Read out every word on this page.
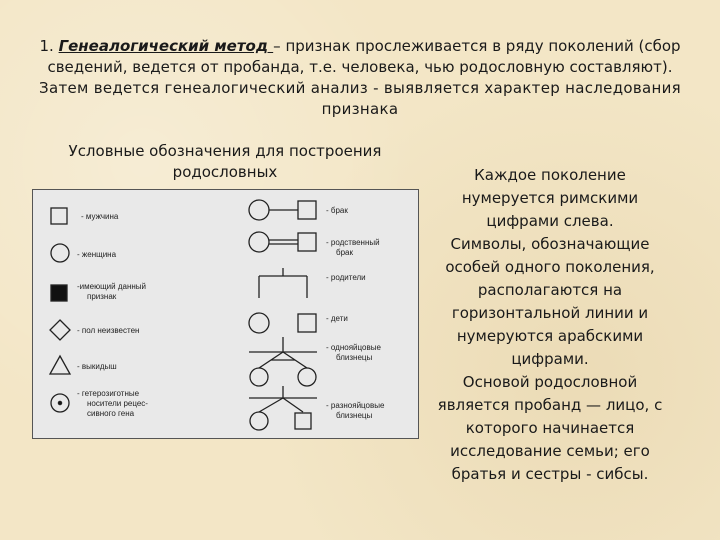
1. Генеалогический метод – признак прослеживается в ряду поколений (сбор
сведений, ведется от пробанда, т.е. человека, чью родословную составляют).
Затем ведется генеалогический анализ - выявляется характер наследования
признака
Условные обозначения для построения
родословных	Каждое поколение
нумеруется римскими
цифрами слева.
Символы, обозначающие
особей одного поколения,
располагаются на
горизонтальной линии и
нумеруются арабскими
цифрами.
Основой родословной
является пробанд — лицо, с
которого начинается
исследование семьи; его
братья и сестры - сибсы.
- мужчина
- женщина
-имеющий данный
признак
- пол неизвестен
- выкидыш
- гетерозиготные
носители рецес-
сивного гена
- брак
- родственный
брак
- родители
- дети
- однояйцовые
близнецы
- разнояйцовые
близнецы
